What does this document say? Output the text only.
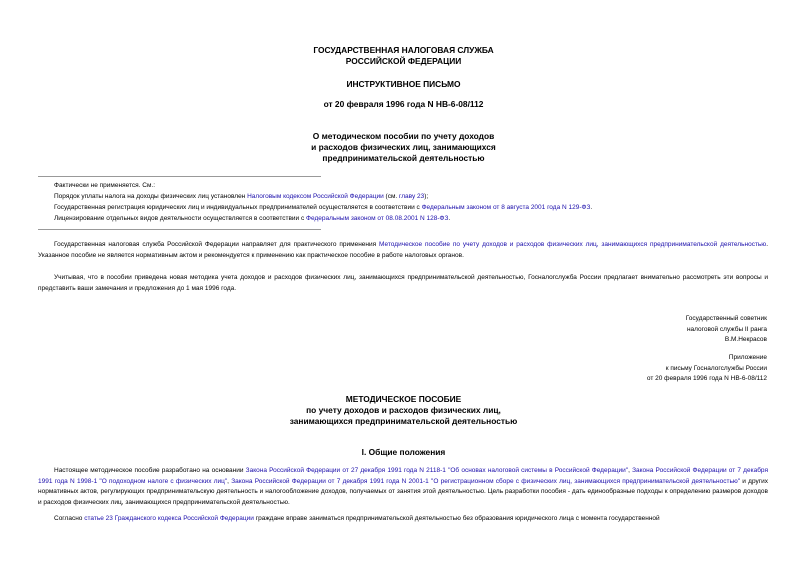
ГОСУДАРСТВЕННАЯ НАЛОГОВАЯ СЛУЖБА
РОССИЙСКОЙ ФЕДЕРАЦИИ
ИНСТРУКТИВНОЕ ПИСЬМО
от 20 февраля 1996 года N НВ-6-08/112
О методическом пособии по учету доходов
и расходов физических лиц, занимающихся
предпринимательской деятельностью
Фактически не применяется. См.:
Порядок уплаты налога на доходы физических лиц установлен Налоговым кодексом Российской Федерации (см. главу 23);
Государственная регистрация юридических лиц и индивидуальных предпринимателей осуществляется в соответствии с Федеральным законом от 8 августа 2001 года N 129-ФЗ.
Лицензирование отдельных видов деятельности осуществляется в соответствии с Федеральным законом от 08.08.2001 N 128-ФЗ.
Государственная налоговая служба Российской Федерации направляет для практического применения Методическое пособие по учету доходов и расходов физических лиц, занимающихся предпринимательской деятельностью. Указанное пособие не является нормативным актом и рекомендуется к применению как практическое пособие в работе налоговых органов.
Учитывая, что в пособии приведена новая методика учета доходов и расходов физических лиц, занимающихся предпринимательской деятельностью, Госналогслужба России предлагает внимательно рассмотреть эти вопросы и представить ваши замечания и предложения до 1 мая 1996 года.
Государственный советник
налоговой службы II ранга
В.М.Некрасов
Приложение
к письму Госналогслужбы России
от 20 февраля 1996 года N НВ-6-08/112
МЕТОДИЧЕСКОЕ ПОСОБИЕ
по учету доходов и расходов физических лиц,
занимающихся предпринимательской деятельностью
I. Общие положения
Настоящее методическое пособие разработано на основании Закона Российской Федерации от 27 декабря 1991 года N 2118-1 "Об основах налоговой системы в Российской Федерации", Закона Российской Федерации от 7 декабря 1991 года N 1998-1 "О подоходном налоге с физических лиц", Закона Российской Федерации от 7 декабря 1991 года N 2001-1 "О регистрационном сборе с физических лиц, занимающихся предпринимательской деятельностью" и других нормативных актов, регулирующих предпринимательскую деятельность и налогообложение доходов, получаемых от занятия этой деятельностью. Цель разработки пособия - дать единообразные подходы к определению размеров доходов и расходов физических лиц, занимающихся предпринимательской деятельностью.
Согласно статье 23 Гражданского кодекса Российской Федерации граждане вправе заниматься предпринимательской деятельностью без образования юридического лица с момента государственной
